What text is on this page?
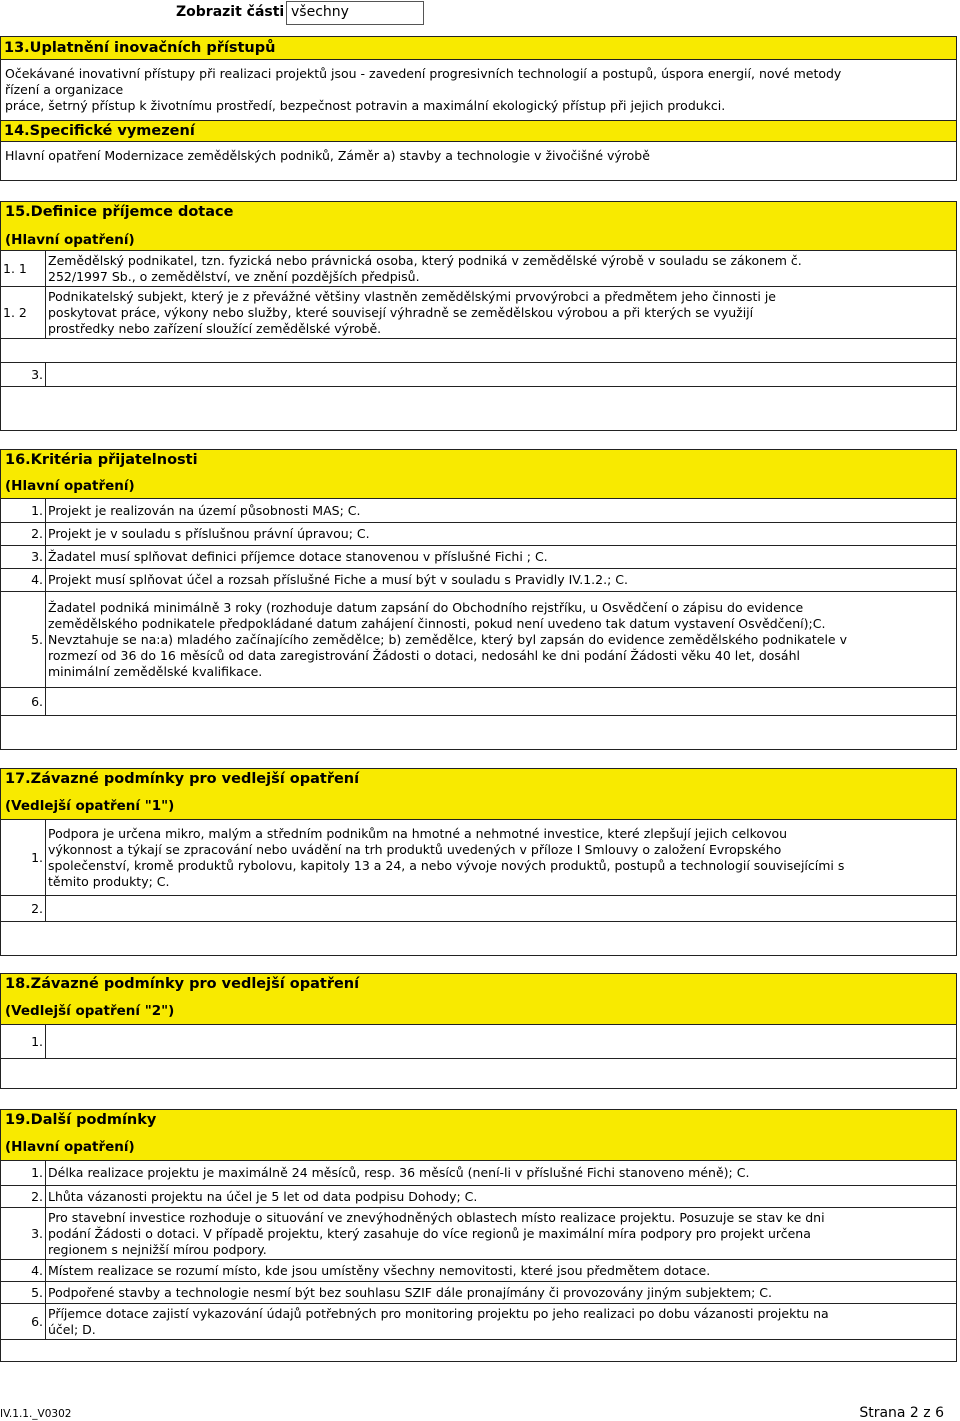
Zobrazit části všechny
13.Uplatnění inovačních přístupů
Očekávané inovativní přístupy při realizaci projektů jsou - zavedení progresivních technologií a postupů, úspora energií, nové metody
řízení a organizace
práce, šetrný přístup k životnímu prostředí, bezpečnost potravin a maximální ekologický přístup při jejich produkci.
14.Specifické vymezení
Hlavní opatření Modernizace zemědělských podniků, Záměr a) stavby a technologie v živočišné výrobě
15.Definice příjemce dotace
(Hlavní opatření)
1. 1	Zemědělský podnikatel, tzn. fyzická nebo právnická osoba, který podniká v zemědělské výrobě v souladu se zákonem č.
252/1997 Sb., o zemědělství, ve znění pozdějších předpisů.

1. 2	Podnikatelský subjekt, který je z převážné většiny vlastněn zemědělskými prvovýrobci a předmětem jeho činnosti je
poskytovat práce, výkony nebo služby, které souvisejí výhradně se zemědělskou výrobou a při kterých se využijí
prostředky nebo zařízení sloužící zemědělské výrobě.

3.	

16.Kritéria přijatelnosti
(Hlavní opatření)
1.	Projekt je realizován na území působnosti MAS; C.
2.	Projekt je v souladu s příslušnou právní úpravou; C.
3.	Žadatel musí splňovat definici příjemce dotace stanovenou v příslušné Fichi ; C.
4.	Projekt musí splňovat účel a rozsah příslušné Fiche a musí být v souladu s Pravidly IV.1.2.; C.
5.	Žadatel podniká minimálně 3 roky (rozhoduje datum zapsání do Obchodního rejstříku, u Osvědčení o zápisu do evidence
zemědělského podnikatele předpokládané datum zahájení činnosti, pokud není uvedeno tak datum vystavení Osvědčení);C.
Nevztahuje se na:a) mladého začínajícího zemědělce; b) zemědělce, který byl zapsán do evidence zemědělského podnikatele v
rozmezí od 36 do 16 měsíců od data zaregistrování Žádosti o dotaci, nedosáhl ke dni podání Žádosti věku 40 let, dosáhl
minimální zemědělské kvalifikace.

6.	

17.Závazné podmínky pro vedlejší opatření
(Vedlejší opatření "1")
1.	Podpora je určena mikro, malým a středním podnikům na hmotné a nehmotné investice, které zlepšují jejich celkovou
výkonnost a týkají se zpracování nebo uvádění na trh produktů uvedených v příloze I Smlouvy o založení Evropského
společenství, kromě produktů rybolovu, kapitoly 13 a 24, a nebo vývoje nových produktů, postupů a technologií souvisejícími s
těmito produkty; C.

2.	

18.Závazné podmínky pro vedlejší opatření
(Vedlejší opatření "2")
1.	

19.Další podmínky
(Hlavní opatření)
1.	Délka realizace projektu je maximálně 24 měsíců, resp. 36 měsíců (není-li v příslušné Fichi stanoveno méně); C.
2.	Lhůta vázanosti projektu na účel je 5 let od data podpisu Dohody; C.
3.	Pro stavební investice rozhoduje o situování ve znevýhodněných oblastech místo realizace projektu. Posuzuje se stav ke dni
podání Žádosti o dotaci. V případě projektu, který zasahuje do více regionů je maximální míra podpory pro projekt určena
regionem s nejnižší mírou podpory.

4.	Místem realizace se rozumí místo, kde jsou umístěny všechny nemovitosti, které jsou předmětem dotace.
5.	Podpořené stavby a technologie nesmí být bez souhlasu SZIF dále pronajímány či provozovány jiným subjektem; C.
6.	Příjemce dotace zajistí vykazování údajů potřebných pro monitoring projektu po jeho realizaci po dobu vázanosti projektu na
účel; D.

IV.1.1._V0302	Strana 2 z 6
